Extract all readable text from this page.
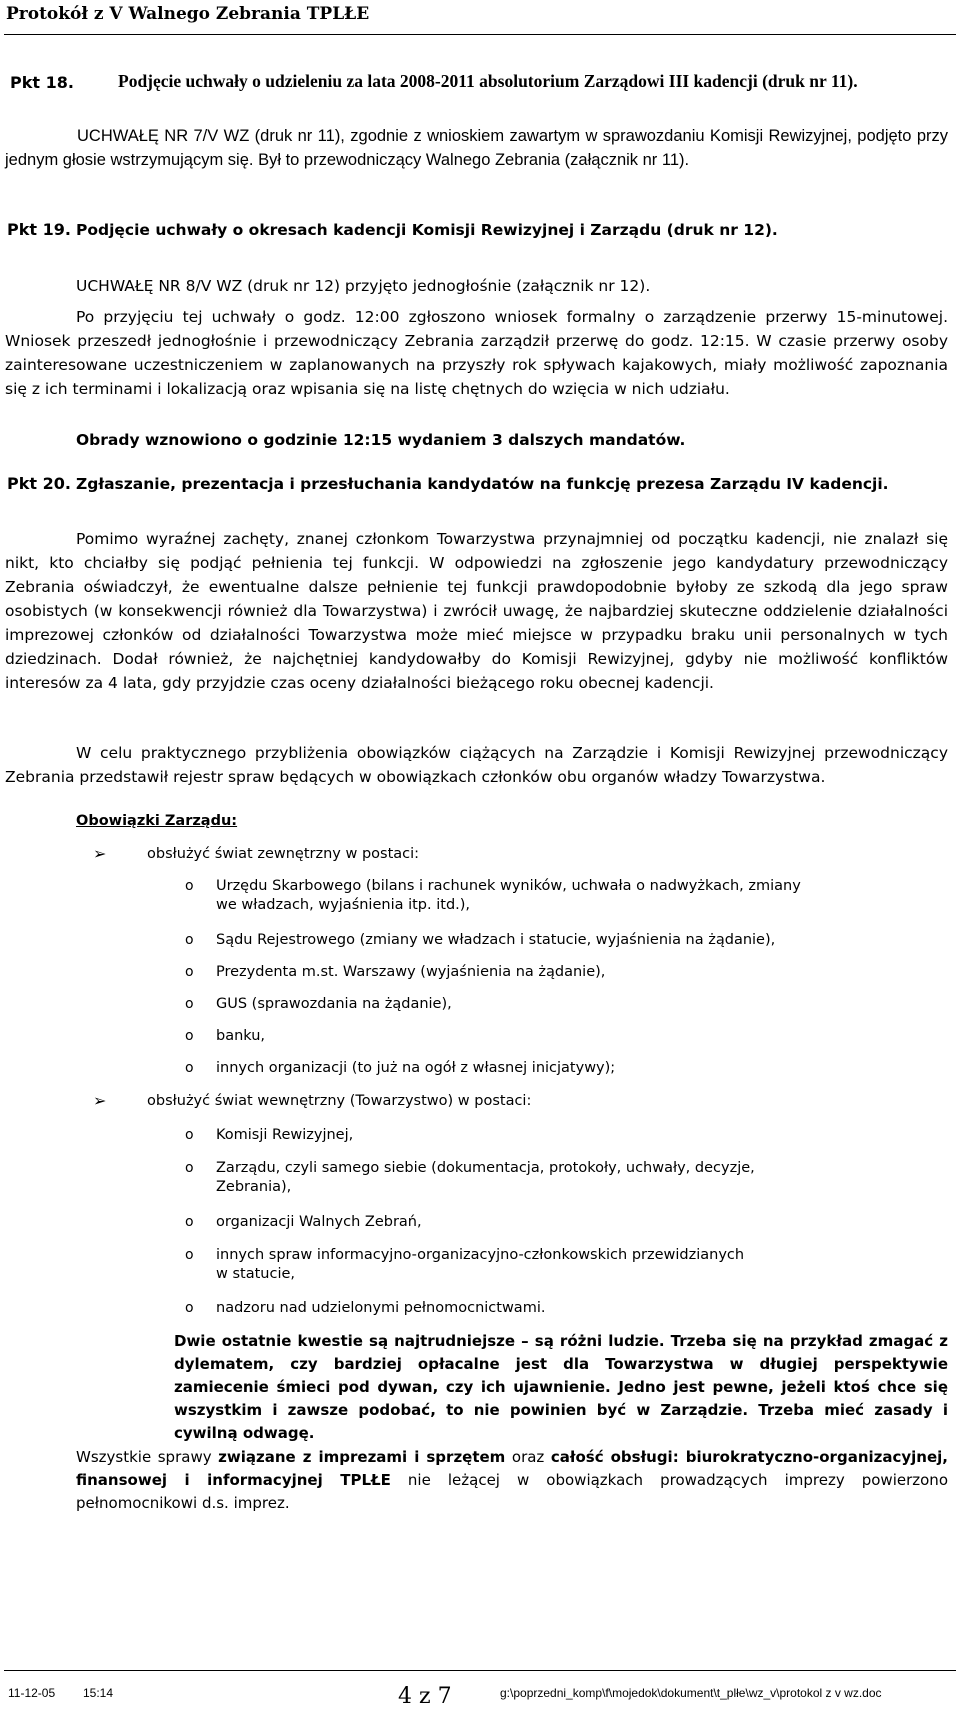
Protokół z V Walnego Zebrania TPLŁE
Pkt 18.	Podjęcie uchwały o udzieleniu za lata 2008-2011 absolutorium Zarządowi III kadencji (druk nr 11).
UCHWAŁĘ NR 7/V WZ (druk nr 11), zgodnie z wnioskiem zawartym w sprawozdaniu Komisji Rewizyjnej, podjęto przy jednym głosie wstrzymującym się. Był to przewodniczący Walnego Zebrania (załącznik nr 11).
Pkt 19. Podjęcie uchwały o okresach kadencji Komisji Rewizyjnej i Zarządu (druk nr 12).
UCHWAŁĘ NR 8/V WZ (druk nr 12) przyjęto jednogłośnie (załącznik nr 12).
Po przyjęciu tej uchwały o godz. 12:00 zgłoszono wniosek formalny o zarządzenie przerwy 15-minutowej. Wniosek przeszedł jednogłośnie i przewodniczący Zebrania zarządził przerwę do godz. 12:15. W czasie przerwy osoby zainteresowane uczestniczeniem w zaplanowanych na przyszły rok spływach kajakowych, miały możliwość zapoznania się z ich terminami i lokalizacją oraz wpisania się na listę chętnych do wzięcia w nich udziału.
Obrady wznowiono o godzinie 12:15 wydaniem 3 dalszych mandatów.
Pkt 20. Zgłaszanie, prezentacja i przesłuchania kandydatów na funkcję prezesa Zarządu IV kadencji.
Pomimo wyraźnej zachęty, znanej członkom Towarzystwa przynajmniej od początku kadencji, nie znalazł się nikt, kto chciałby się podjąć pełnienia tej funkcji. W odpowiedzi na zgłoszenie jego kandydatury przewodniczący Zebrania oświadczył, że ewentualne dalsze pełnienie tej funkcji prawdopodobnie byłoby ze szkodą dla jego spraw osobistych (w konsekwencji również dla Towarzystwa) i zwrócił uwagę, że najbardziej skuteczne oddzielenie działalności imprezowej członków od działalności Towarzystwa może mieć miejsce w przypadku braku unii personalnych w tych dziedzinach. Dodał również, że najchętniej kandydowałby do Komisji Rewizyjnej, gdyby nie możliwość konfliktów interesów za 4 lata, gdy przyjdzie czas oceny działalności bieżącego roku obecnej kadencji.
W celu praktycznego przybliżenia obowiązków ciążących na Zarządzie i Komisji Rewizyjnej przewodniczący Zebrania przedstawił rejestr spraw będących w obowiązkach członków obu organów władzy Towarzystwa.
Obowiązki Zarządu:
➢	obsłużyć świat zewnętrzny w postaci:
o Urzędu Skarbowego (bilans i rachunek wyników, uchwała o nadwyżkach, zmiany
we władzach, wyjaśnienia itp. itd.),
o Sądu Rejestrowego (zmiany we władzach i statucie, wyjaśnienia na żądanie),
o Prezydenta m.st. Warszawy (wyjaśnienia na żądanie),
o GUS (sprawozdania na żądanie),
o banku,
o innych organizacji (to już na ogół z własnej inicjatywy);
➢	obsłużyć świat wewnętrzny (Towarzystwo) w postaci:
o Komisji Rewizyjnej,
o Zarządu, czyli samego siebie (dokumentacja, protokoły, uchwały, decyzje,
Zebrania),
o organizacji Walnych Zebrań,
o innych spraw informacyjno-organizacyjno-członkowskich przewidzianych
w statucie,
o nadzoru nad udzielonymi pełnomocnictwami.
Dwie ostatnie kwestie są najtrudniejsze – są różni ludzie. Trzeba się na przykład zmagać z dylematem, czy bardziej opłacalne jest dla Towarzystwa w długiej perspektywie zamiecenie śmieci pod dywan, czy ich ujawnienie. Jedno jest pewne, jeżeli ktoś chce się wszystkim i zawsze podobać, to nie powinien być w Zarządzie. Trzeba mieć zasady i cywilną odwagę.
Wszystkie sprawy związane z imprezami i sprzętem oraz całość obsługi: biurokratyczno-organizacyjnej, finansowej i informacyjnej TPLŁE nie leżącej w obowiązkach prowadzących imprezy powierzono pełnomocnikowi d.s. imprez.
11-12-05 15:14	4 z 7	g:\poprzedni_komp\f\mojedok\dokument\t_plłe\wz_v\protokol z v wz.doc
